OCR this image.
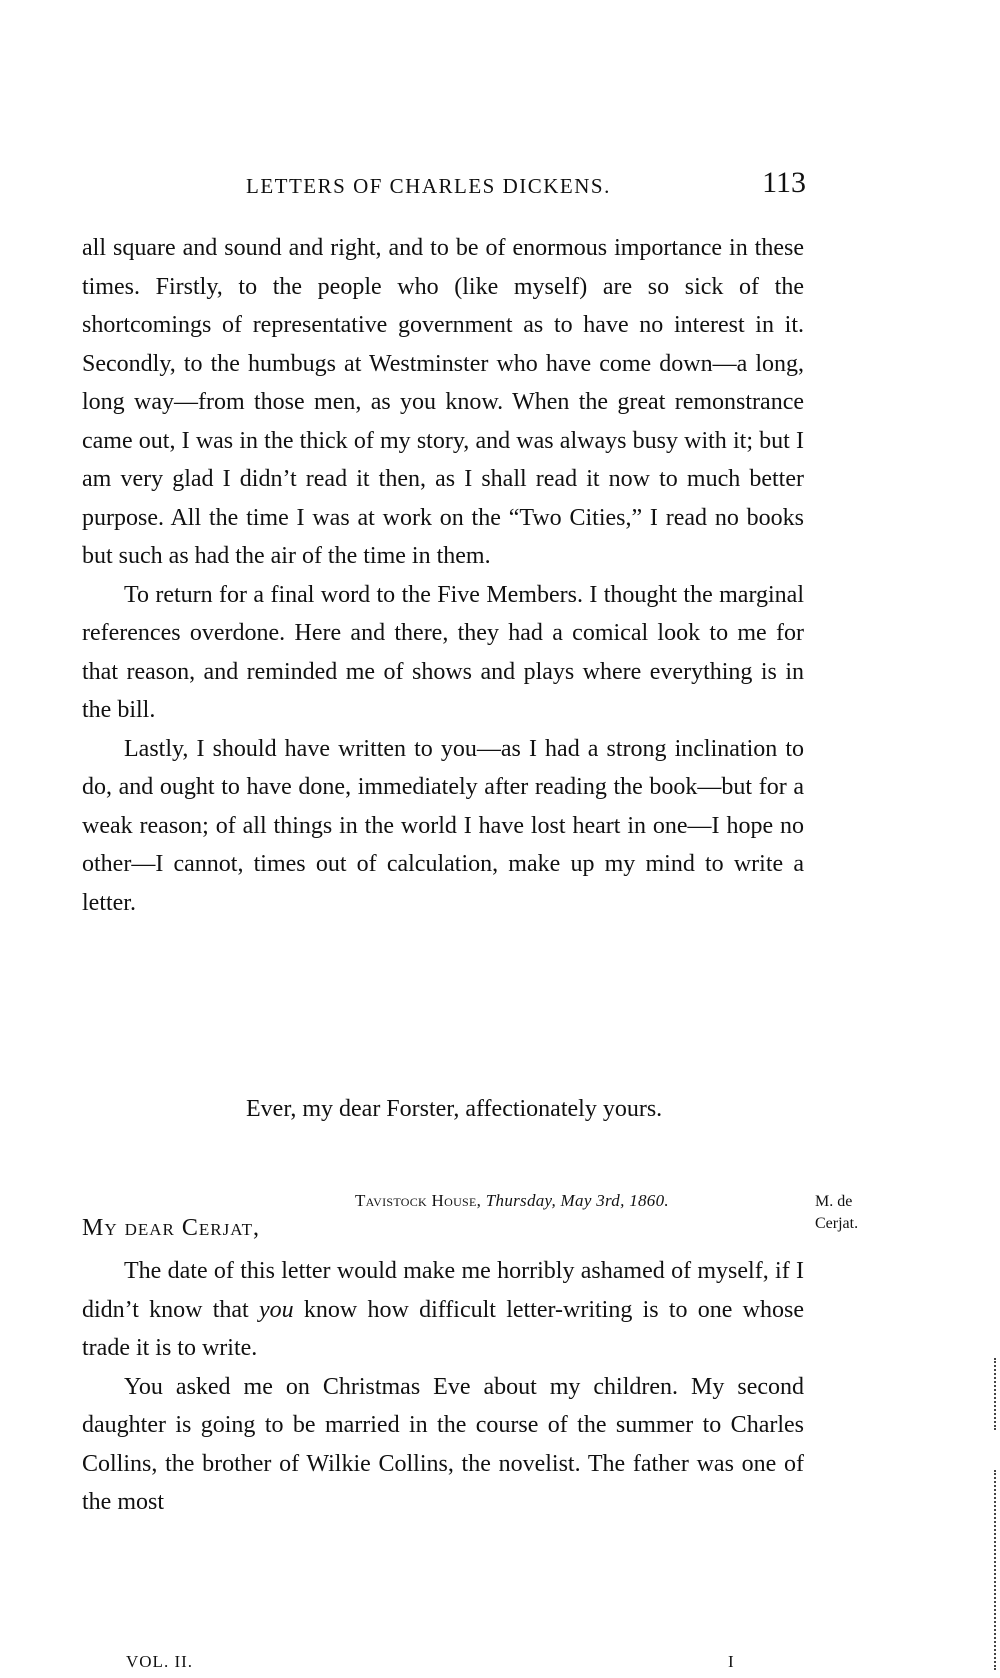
LETTERS OF CHARLES DICKENS.	113

all square and sound and right, and to be of enormous importance in these times. Firstly, to the people who (like myself) are so sick of the shortcomings of representative government as to have no interest in it. Secondly, to the humbugs at Westminster who have come down—a long, long way—from those men, as you know. When the great remonstrance came out, I was in the thick of my story, and was always busy with it; but I am very glad I didn’t read it then, as I shall read it now to much better purpose. All the time I was at work on the “Two Cities,” I read no books but such as had the air of the time in them.

To return for a final word to the Five Members. I thought the marginal references overdone. Here and there, they had a comical look to me for that reason, and reminded me of shows and plays where everything is in the bill.

Lastly, I should have written to you—as I had a strong inclination to do, and ought to have done, immediately after reading the book—but for a weak reason; of all things in the world I have lost heart in one—I hope no other—I cannot, times out of calculation, make up my mind to write a letter.

Ever, my dear Forster, affectionately yours.
Tavistock House, Thursday, May 3rd, 1860.	M. de
Cerjat.
My dear Cerjat,

The date of this letter would make me horribly ashamed of myself, if I didn’t know that you know how difficult letter-writing is to one whose trade it is to write.

You asked me on Christmas Eve about my children. My second daughter is going to be married in the course of the summer to Charles Collins, the brother of Wilkie Collins, the novelist. The father was one of the most

VOL. II.	I
